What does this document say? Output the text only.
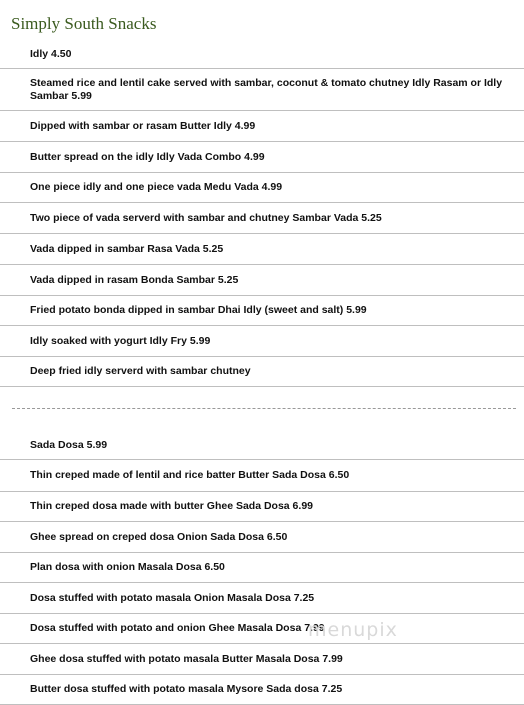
Simply South Snacks
Idly 4.50
Steamed rice and lentil cake served with sambar, coconut & tomato chutney Idly Rasam or Idly Sambar 5.99
Dipped with sambar or rasam Butter Idly 4.99
Butter spread on the idly Idly Vada Combo 4.99
One piece idly and one piece vada Medu Vada 4.99
Two piece of vada serverd with sambar and chutney Sambar Vada 5.25
Vada dipped in sambar Rasa Vada 5.25
Vada dipped in rasam Bonda Sambar 5.25
Fried potato bonda dipped in sambar Dhai Idly (sweet and salt) 5.99
Idly soaked with yogurt Idly Fry 5.99
Deep fried idly serverd with sambar chutney
Sada Dosa 5.99
Thin creped made of lentil and rice batter Butter Sada Dosa 6.50
Thin creped dosa made with butter Ghee Sada Dosa 6.99
Ghee spread on creped dosa Onion Sada Dosa 6.50
Plan dosa with onion Masala Dosa 6.50
Dosa stuffed with potato masala Onion Masala Dosa 7.25
Dosa stuffed with potato and onion Ghee Masala Dosa 7.99
Ghee dosa stuffed with potato masala Butter Masala Dosa 7.99
Butter dosa stuffed with potato masala Mysore Sada dosa 7.25
menupix
